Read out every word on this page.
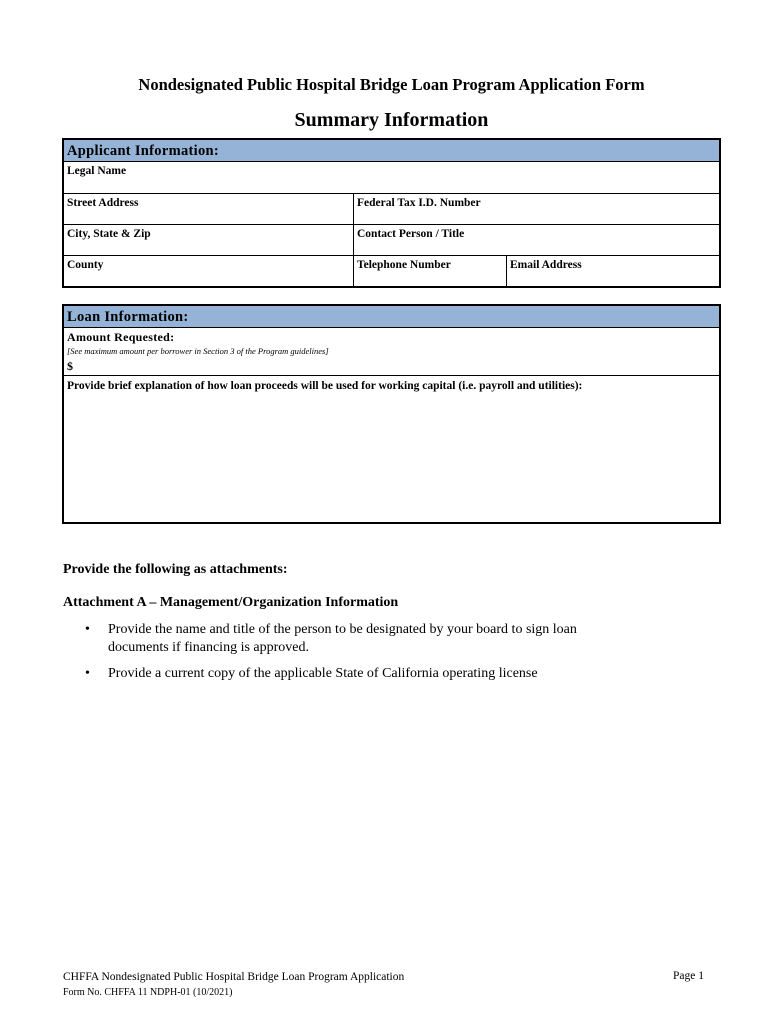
Nondesignated Public Hospital Bridge Loan Program Application Form
Summary Information
Applicant Information:
Legal Name
Street Address	Federal Tax I.D. Number
City, State & Zip	Contact Person / Title
County	Telephone Number	Email Address
Loan Information:
Amount Requested:
[See maximum amount per borrower in Section 3 of the Program guidelines]
$
Provide brief explanation of how loan proceeds will be used for working capital (i.e. payroll and utilities):
Provide the following as attachments:
Attachment A – Management/Organization Information
• Provide the name and title of the person to be designated by your board to sign loan documents if financing is approved.
• Provide a current copy of the applicable State of California operating license
CHFFA Nondesignated Public Hospital Bridge Loan Program Application
Form No. CHFFA 11 NDPH-01 (10/2021)
Page 1
